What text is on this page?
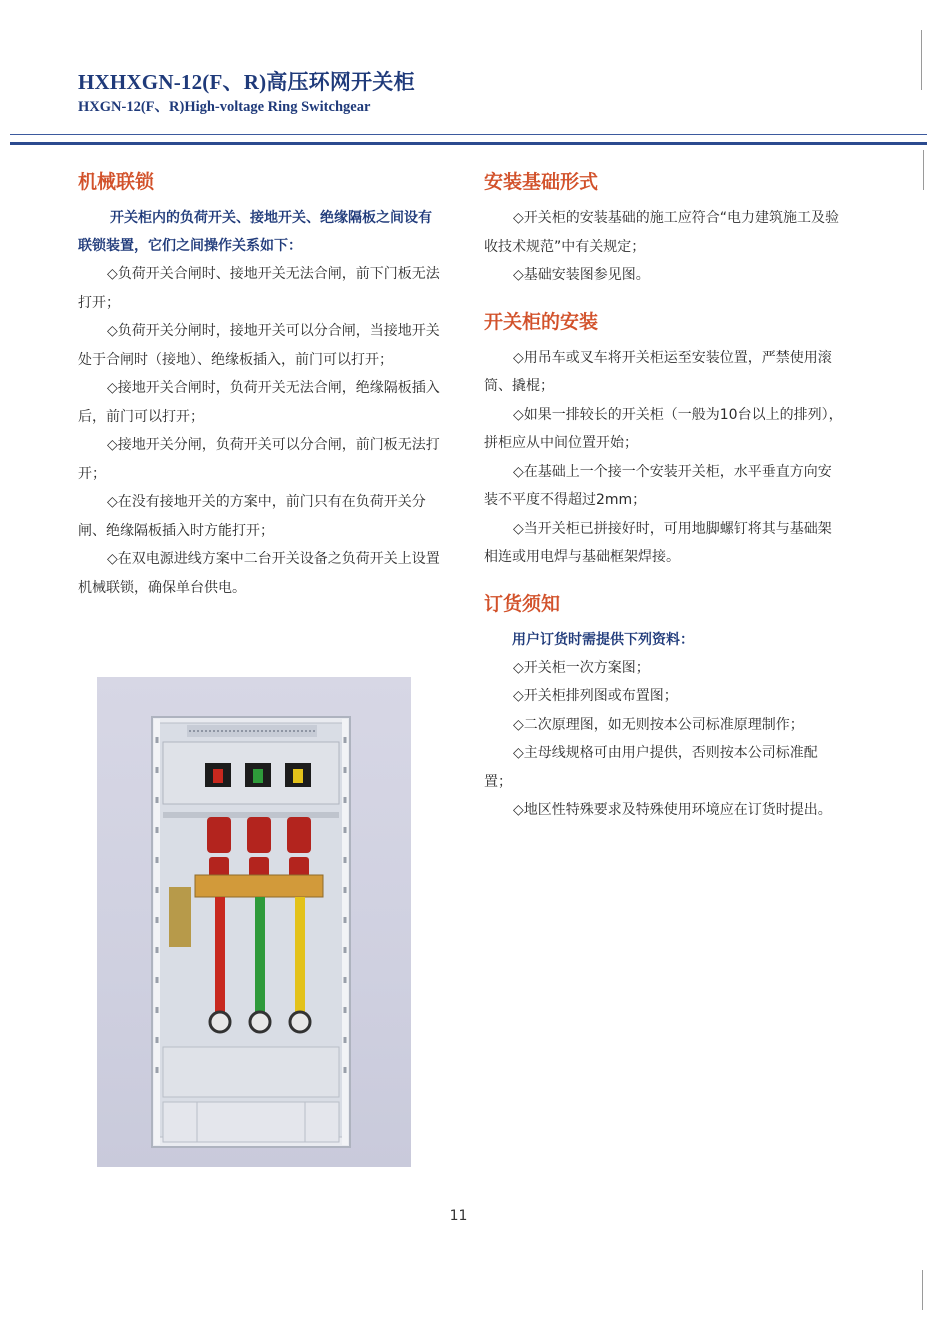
HXHXGN-12(F、R)高压环网开关柜

HXGN-12(F、R)High-voltage Ring Switchgear

机械联锁

开关柜内的负荷开关、接地开关、绝缘隔板之间设有联锁装置，它们之间操作关系如下：

◇负荷开关合闸时、接地开关无法合闸，前下门板无法打开；

◇负荷开关分闸时，接地开关可以分合闸，当接地开关处于合闸时（接地）、绝缘板插入，前门可以打开；

◇接地开关合闸时，负荷开关无法合闸，绝缘隔板插入后，前门可以打开；

◇接地开关分闸，负荷开关可以分合闸，前门板无法打开；

◇在没有接地开关的方案中，前门只有在负荷开关分闸、绝缘隔板插入时方能打开；

◇在双电源进线方案中二台开关设备之负荷开关上设置机械联锁，确保单台供电。

安装基础形式

◇开关柜的安装基础的施工应符合“电力建筑施工及验收技术规范”中有关规定；

◇基础安装图参见图。

开关柜的安装

◇用吊车或叉车将开关柜运至安装位置，严禁使用滚筒、撬棍；

◇如果一排较长的开关柜（一般为10台以上的排列），拼柜应从中间位置开始；

◇在基础上一个接一个安装开关柜，水平垂直方向安装不平度不得超过2mm；

◇当开关柜已拼接好时，可用地脚螺钉将其与基础架相连或用电焊与基础框架焊接。

订货须知

用户订货时需提供下列资料：

◇开关柜一次方案图；

◇开关柜排列图或布置图；

◇二次原理图，如无则按本公司标准原理制作；

◇主母线规格可由用户提供，否则按本公司标准配置；

◇地区性特殊要求及特殊使用环境应在订货时提出。

11
